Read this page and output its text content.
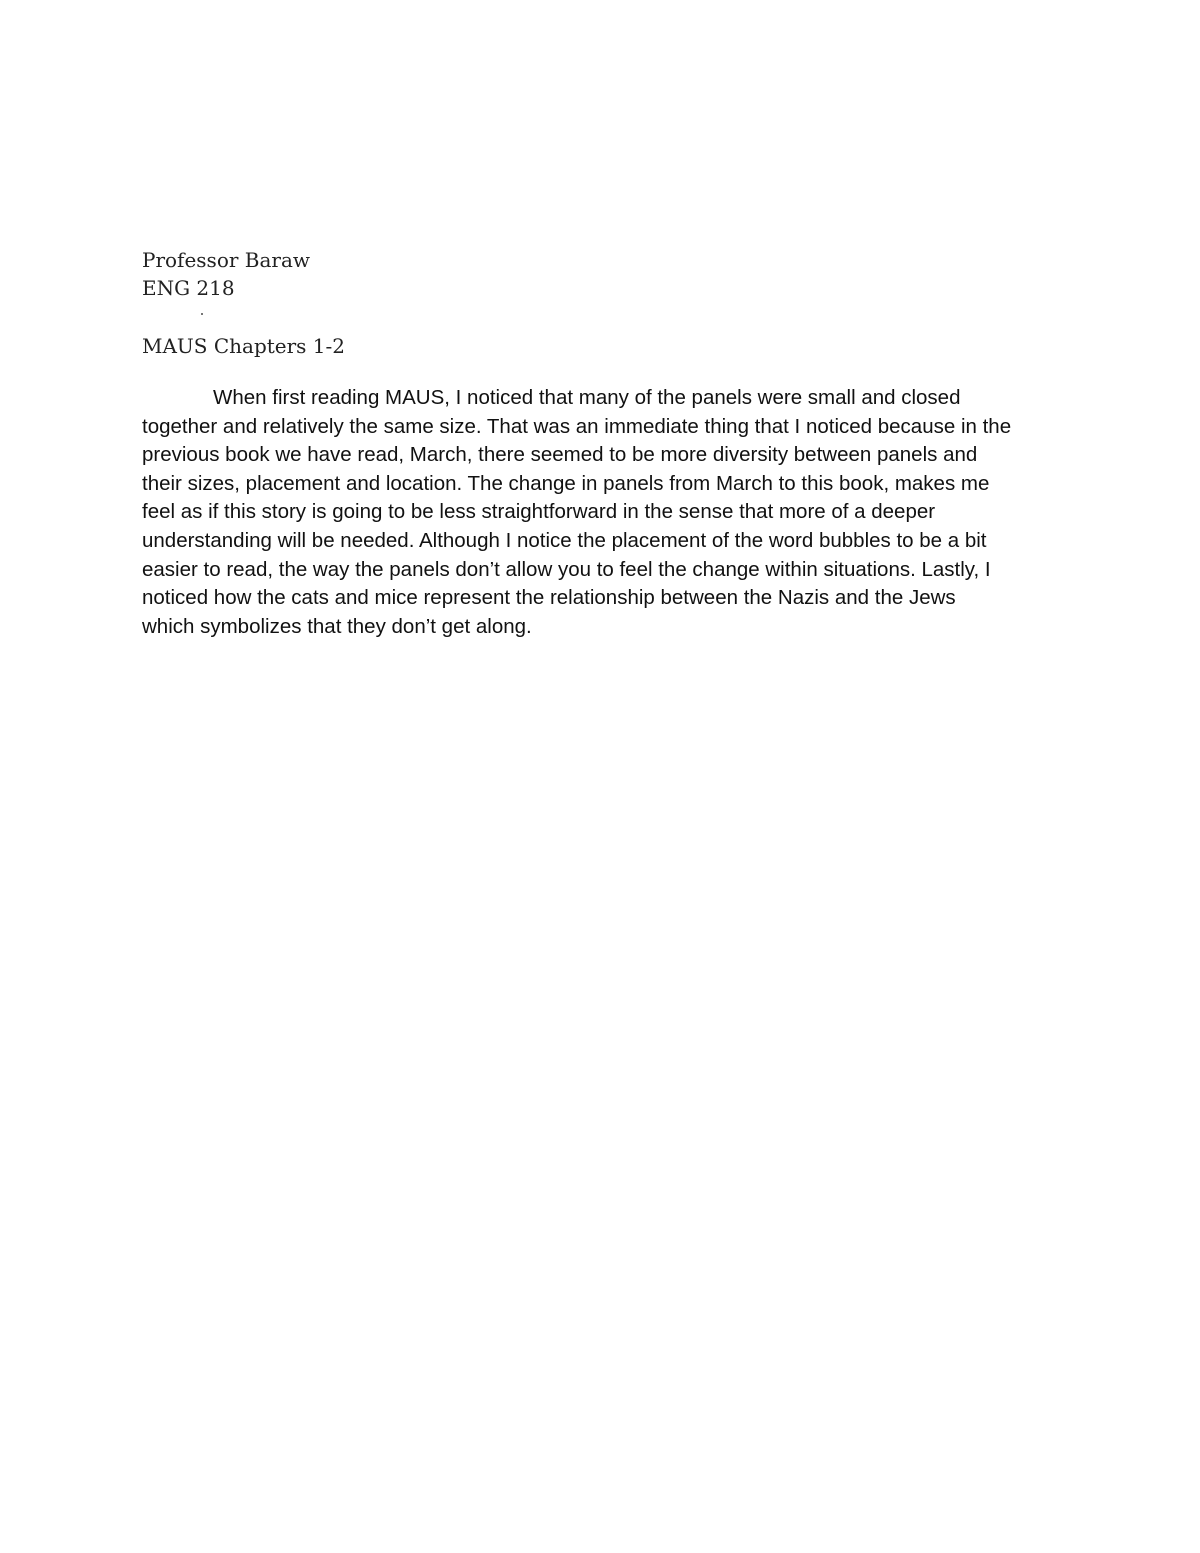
Professor Baraw
ENG 218
MAUS Chapters 1-2
When first reading MAUS, I noticed that many of the panels were small and closed
together and relatively the same size. That was an immediate thing that I noticed because in the
previous book we have read, March, there seemed to be more diversity between panels and
their sizes, placement and location. The change in panels from March to this book, makes me
feel as if this story is going to be less straightforward in the sense that more of a deeper
understanding will be needed. Although I notice the placement of the word bubbles to be a bit
easier to read, the way the panels don’t allow you to feel the change within situations. Lastly, I
noticed how the cats and mice represent the relationship between the Nazis and the Jews
which symbolizes that they don’t get along.
